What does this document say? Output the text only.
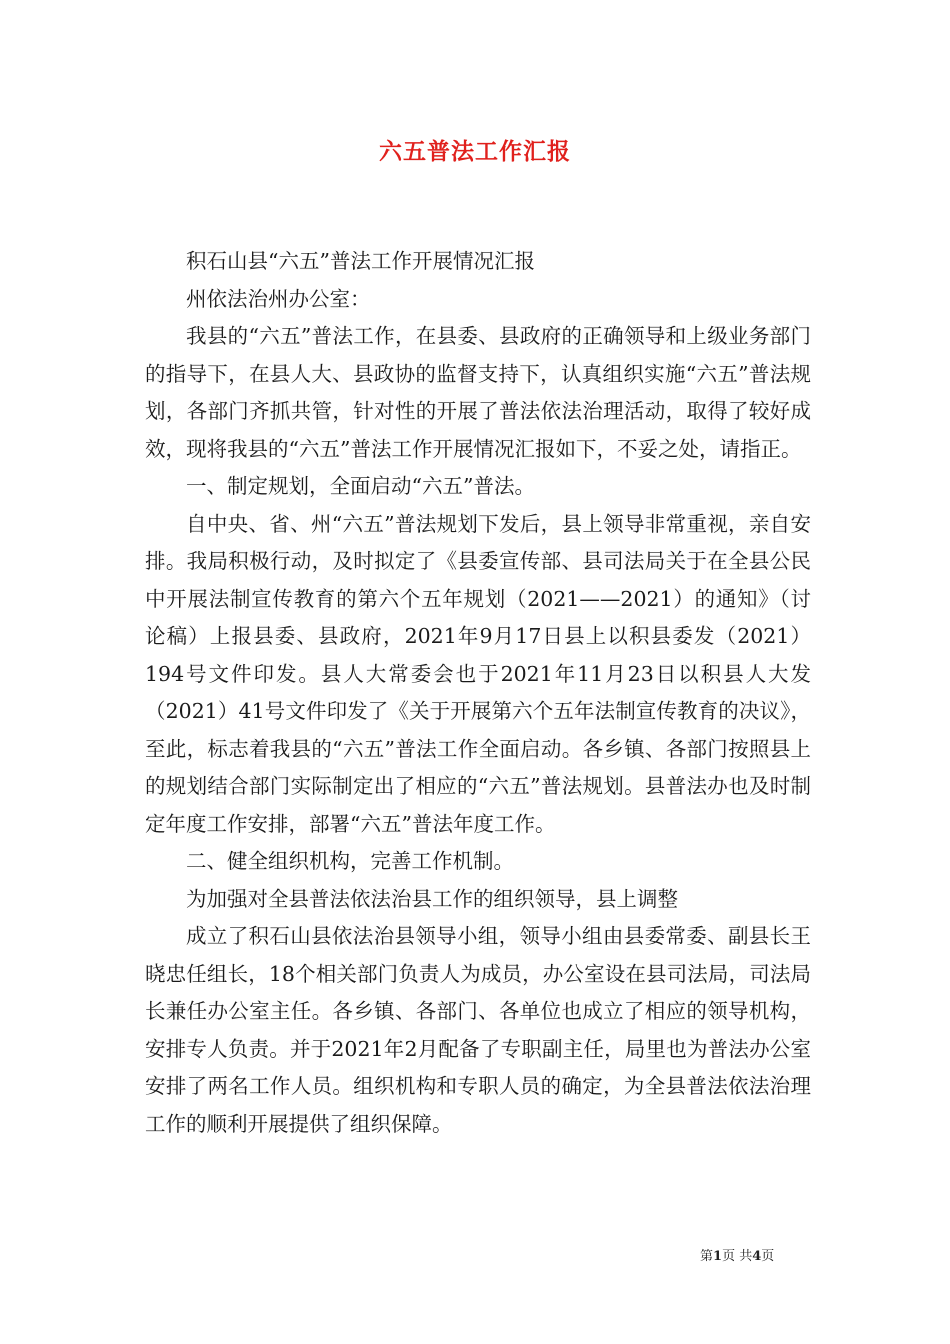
六五普法工作汇报

积石山县“六五”普法工作开展情况汇报

州依法治州办公室：

我县的“六五”普法工作，在县委、县政府的正确领导和上级业务部门的指导下，在县人大、县政协的监督支持下，认真组织实施“六五”普法规划，各部门齐抓共管，针对性的开展了普法依法治理活动，取得了较好成效，现将我县的“六五”普法工作开展情况汇报如下，不妥之处，请指正。

一、制定规划，全面启动“六五”普法。

自中央、省、州“六五”普法规划下发后，县上领导非常重视，亲自安排。我局积极行动，及时拟定了《县委宣传部、县司法局关于在全县公民中开展法制宣传教育的第六个五年规划（2021——2021）的通知》（讨论稿）上报县委、县政府，2021年9月17日县上以积县委发（2021）194号文件印发。县人大常委会也于2021年11月23日以积县人大发（2021）41号文件印发了《关于开展第六个五年法制宣传教育的决议》，至此，标志着我县的“六五”普法工作全面启动。各乡镇、各部门按照县上的规划结合部门实际制定出了相应的“六五”普法规划。县普法办也及时制定年度工作安排，部署“六五”普法年度工作。

二、健全组织机构，完善工作机制。

为加强对全县普法依法治县工作的组织领导，县上调整

成立了积石山县依法治县领导小组，领导小组由县委常委、副县长王晓忠任组长，18个相关部门负责人为成员，办公室设在县司法局，司法局长兼任办公室主任。各乡镇、各部门、各单位也成立了相应的领导机构，安排专人负责。并于2021年2月配备了专职副主任，局里也为普法办公室安排了两名工作人员。组织机构和专职人员的确定，为全县普法依法治理工作的顺利开展提供了组织保障。

第1页 共4页
